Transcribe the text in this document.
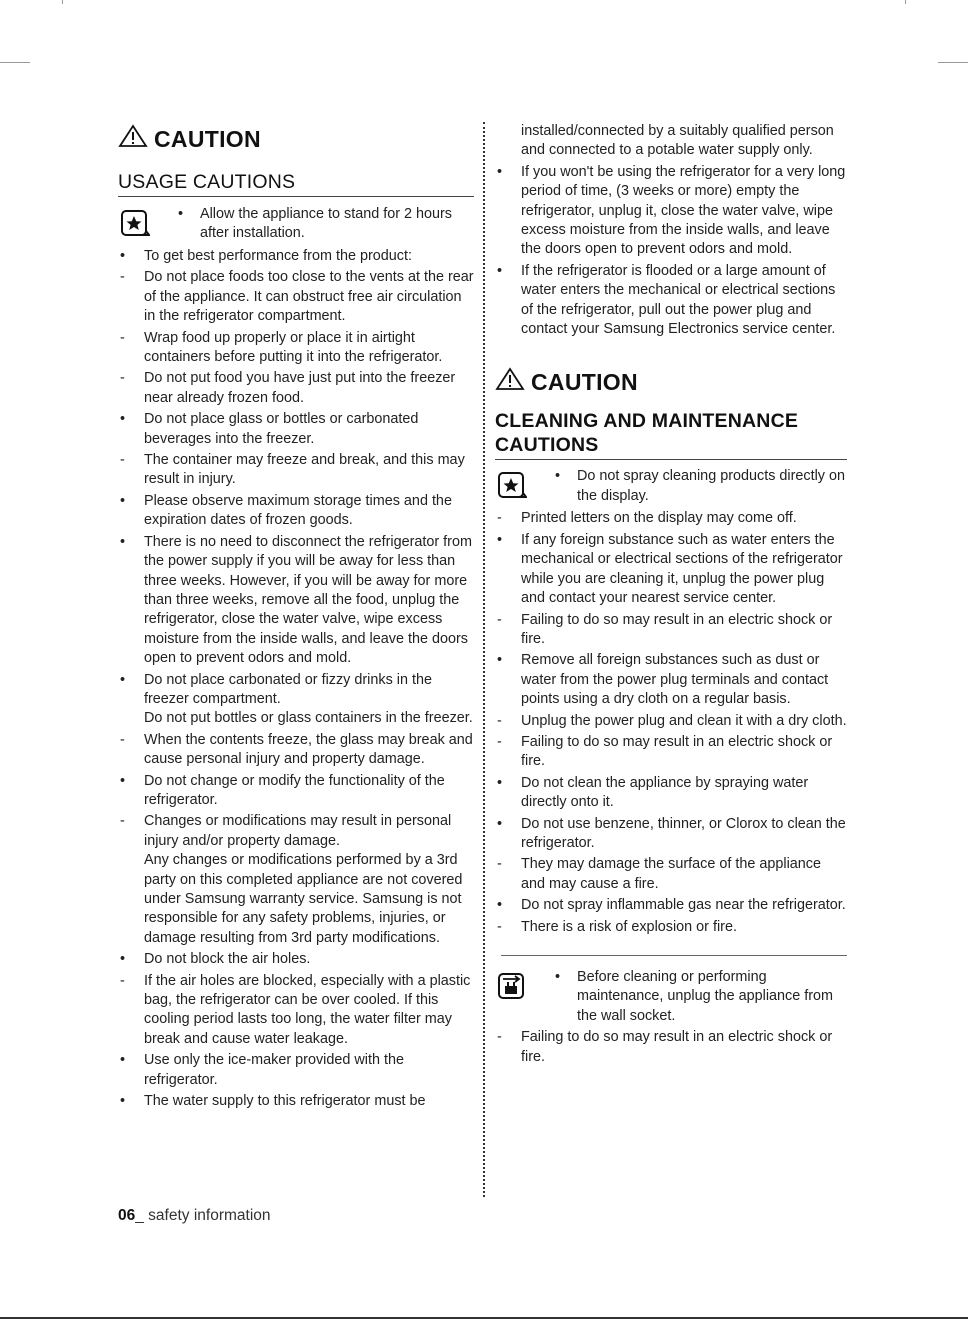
CAUTION
USAGE CAUTIONS
•	Allow the appliance to stand for 2 hours after installation.
•	To get best performance from the product:
-	Do not place foods too close to the vents at the rear of the appliance. It can obstruct free air circulation in the refrigerator compartment.
-	Wrap food up properly or place it in airtight containers before putting it into the refrigerator.
-	Do not put food you have just put into the freezer near already frozen food.
•	Do not place glass or bottles or carbonated beverages into the freezer.
-	The container may freeze and break, and this may result in injury.
•	Please observe maximum storage times and the expiration dates of frozen goods.
•	There is no need to disconnect the refrigerator from the power supply if you will be away for less than three weeks. However, if you will be away for more than three weeks, remove all the food, unplug the refrigerator, close the water valve, wipe excess moisture from the inside walls, and leave the doors open to prevent odors and mold.
•	Do not place carbonated or fizzy drinks in the freezer compartment.
Do not put bottles or glass containers in the freezer.
-	When the contents freeze, the glass may break and cause personal injury and property damage.
•	Do not change or modify the functionality of the refrigerator.
-	Changes or modifications may result in personal injury and/or property damage.
Any changes or modifications performed by a 3rd party on this completed appliance are not covered under Samsung warranty service. Samsung is not responsible for any safety problems, injuries, or damage resulting from 3rd party modifications.
•	Do not block the air holes.
-	If the air holes are blocked, especially with a plastic bag, the refrigerator can be over cooled. If this cooling period lasts too long, the water filter may break and cause water leakage.
•	Use only the ice-maker provided with the refrigerator.
•	The water supply to this refrigerator must be
installed/connected by a suitably qualified person and connected to a potable water supply only.
•	If you won't be using the refrigerator for a very long period of time, (3 weeks or more) empty the refrigerator, unplug it, close the water valve, wipe excess moisture from the inside walls, and leave the doors open to prevent odors and mold.
•	If the refrigerator is flooded or a large amount of water enters the mechanical or electrical sections of the refrigerator, pull out the power plug and contact your Samsung Electronics service center.
CAUTION
CLEANING AND MAINTENANCE
CAUTIONS
•	Do not spray cleaning products directly on the display.
-	Printed letters on the display may come off.
•	If any foreign substance such as water enters the mechanical or electrical sections of the refrigerator while you are cleaning it, unplug the power plug and contact your nearest service center.
-	Failing to do so may result in an electric shock or fire.
•	Remove all foreign substances such as dust or water from the power plug terminals and contact points using a dry cloth on a regular basis.
-	Unplug the power plug and clean it with a dry cloth.
-	Failing to do so may result in an electric shock or fire.
•	Do not clean the appliance by spraying water directly onto it.
•	Do not use benzene, thinner, or Clorox to clean the refrigerator.
-	They may damage the surface of the appliance and may cause a fire.
•	Do not spray inflammable gas near the refrigerator.
-	There is a risk of explosion or fire.
•	Before cleaning or performing maintenance, unplug the appliance from the wall socket.
-	Failing to do so may result in an electric shock or fire.
06_ safety information
